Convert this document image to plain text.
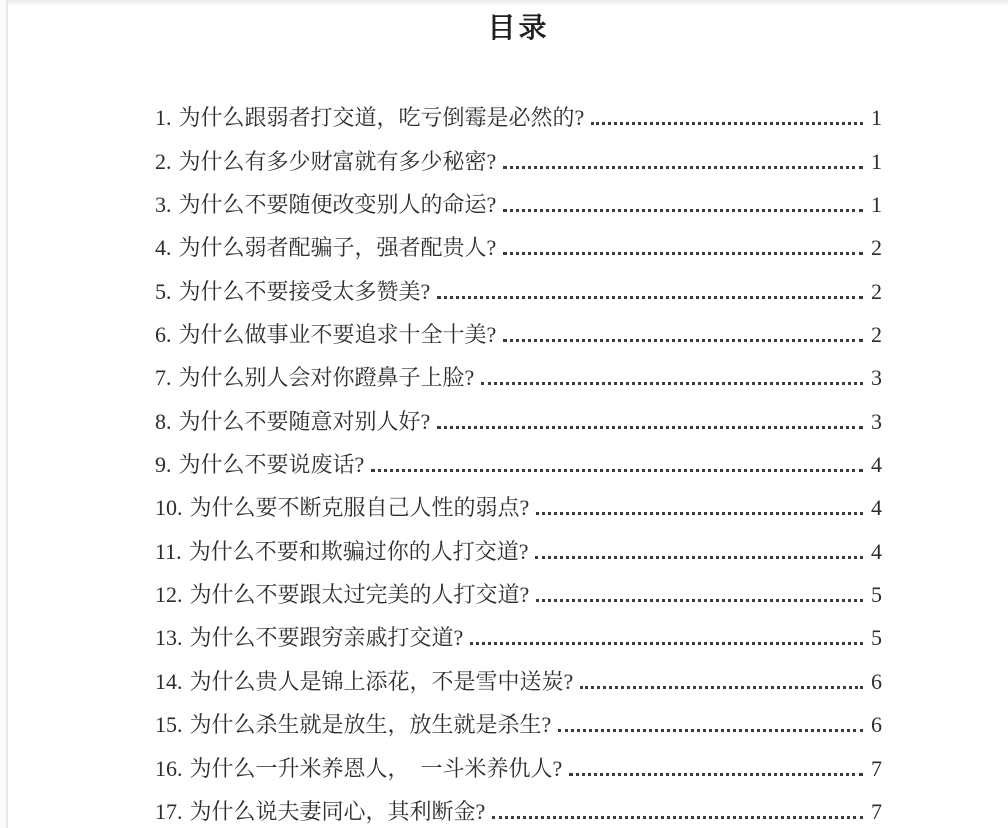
目录
1. 为什么跟弱者打交道，吃亏倒霉是必然的?	1
2. 为什么有多少财富就有多少秘密?	1
3. 为什么不要随便改变别人的命运?	1
4. 为什么弱者配骗子，强者配贵人?	2
5. 为什么不要接受太多赞美?	2
6. 为什么做事业不要追求十全十美?	2
7. 为什么别人会对你蹬鼻子上脸?	3
8. 为什么不要随意对别人好?	3
9. 为什么不要说废话?	4
10. 为什么要不断克服自己人性的弱点?	4
11. 为什么不要和欺骗过你的人打交道?	4
12. 为什么不要跟太过完美的人打交道?	5
13. 为什么不要跟穷亲戚打交道?	5
14. 为什么贵人是锦上添花，不是雪中送炭?	6
15. 为什么杀生就是放生，放生就是杀生?	6
16. 为什么一升米养恩人，　一斗米养仇人?	7
17. 为什么说夫妻同心，其利断金?	7
